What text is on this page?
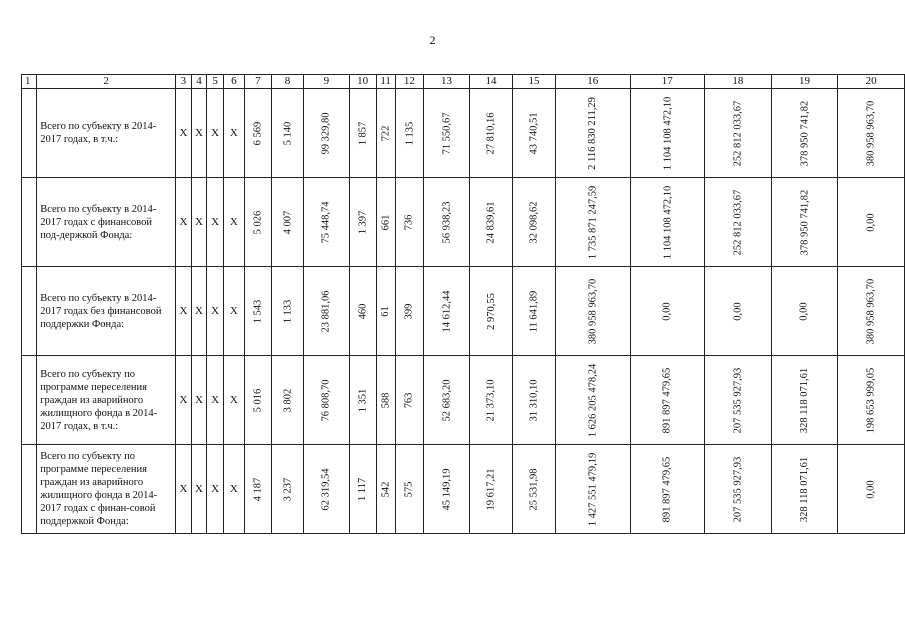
2
1	2	3	4	5	6	7	8	9	10	11	12	13	14	15	16	17	18	19	20
	Всего по субъекту в 2014-2017 годах, в т.ч.:	X	X	X	X	6 569	5 140	99 329,80	1 857	722	1 135	71 550,67	27 810,16	43 740,51	2 116 830 211,29	1 104 108 472,10	252 812 033,67	378 950 741,82	380 958 963,70
	Всего по субъекту в 2014-2017 годах с финансовой под-держкой Фонда:	X	X	X	X	5 026	4 007	75 448,74	1 397	661	736	56 938,23	24 839,61	32 098,62	1 735 871 247,59	1 104 108 472,10	252 812 033,67	378 950 741,82	0,00
	Всего по субъекту в 2014-2017 годах без финансовой поддержки Фонда:	X	X	X	X	1 543	1 133	23 881,06	460	61	399	14 612,44	2 970,55	11 641,89	380 958 963,70	0,00	0,00	0,00	380 958 963,70
	Всего по субъекту по программе переселения граждан из аварийного жилищного фонда в 2014-2017 годах, в т.ч.:	X	X	X	X	5 016	3 802	76 808,70	1 351	588	763	52 683,20	21 373,10	31 310,10	1 626 205 478,24	891 897 479,65	207 535 927,93	328 118 071,61	198 653 999,05
	Всего по субъекту по программе переселения граждан из аварийного жилищного фонда в 2014-2017 годах с финан-совой поддержкой Фонда:	X	X	X	X	4 187	3 237	62 319,54	1 117	542	575	45 149,19	19 617,21	25 531,98	1 427 551 479,19	891 897 479,65	207 535 927,93	328 118 071,61	0,00
